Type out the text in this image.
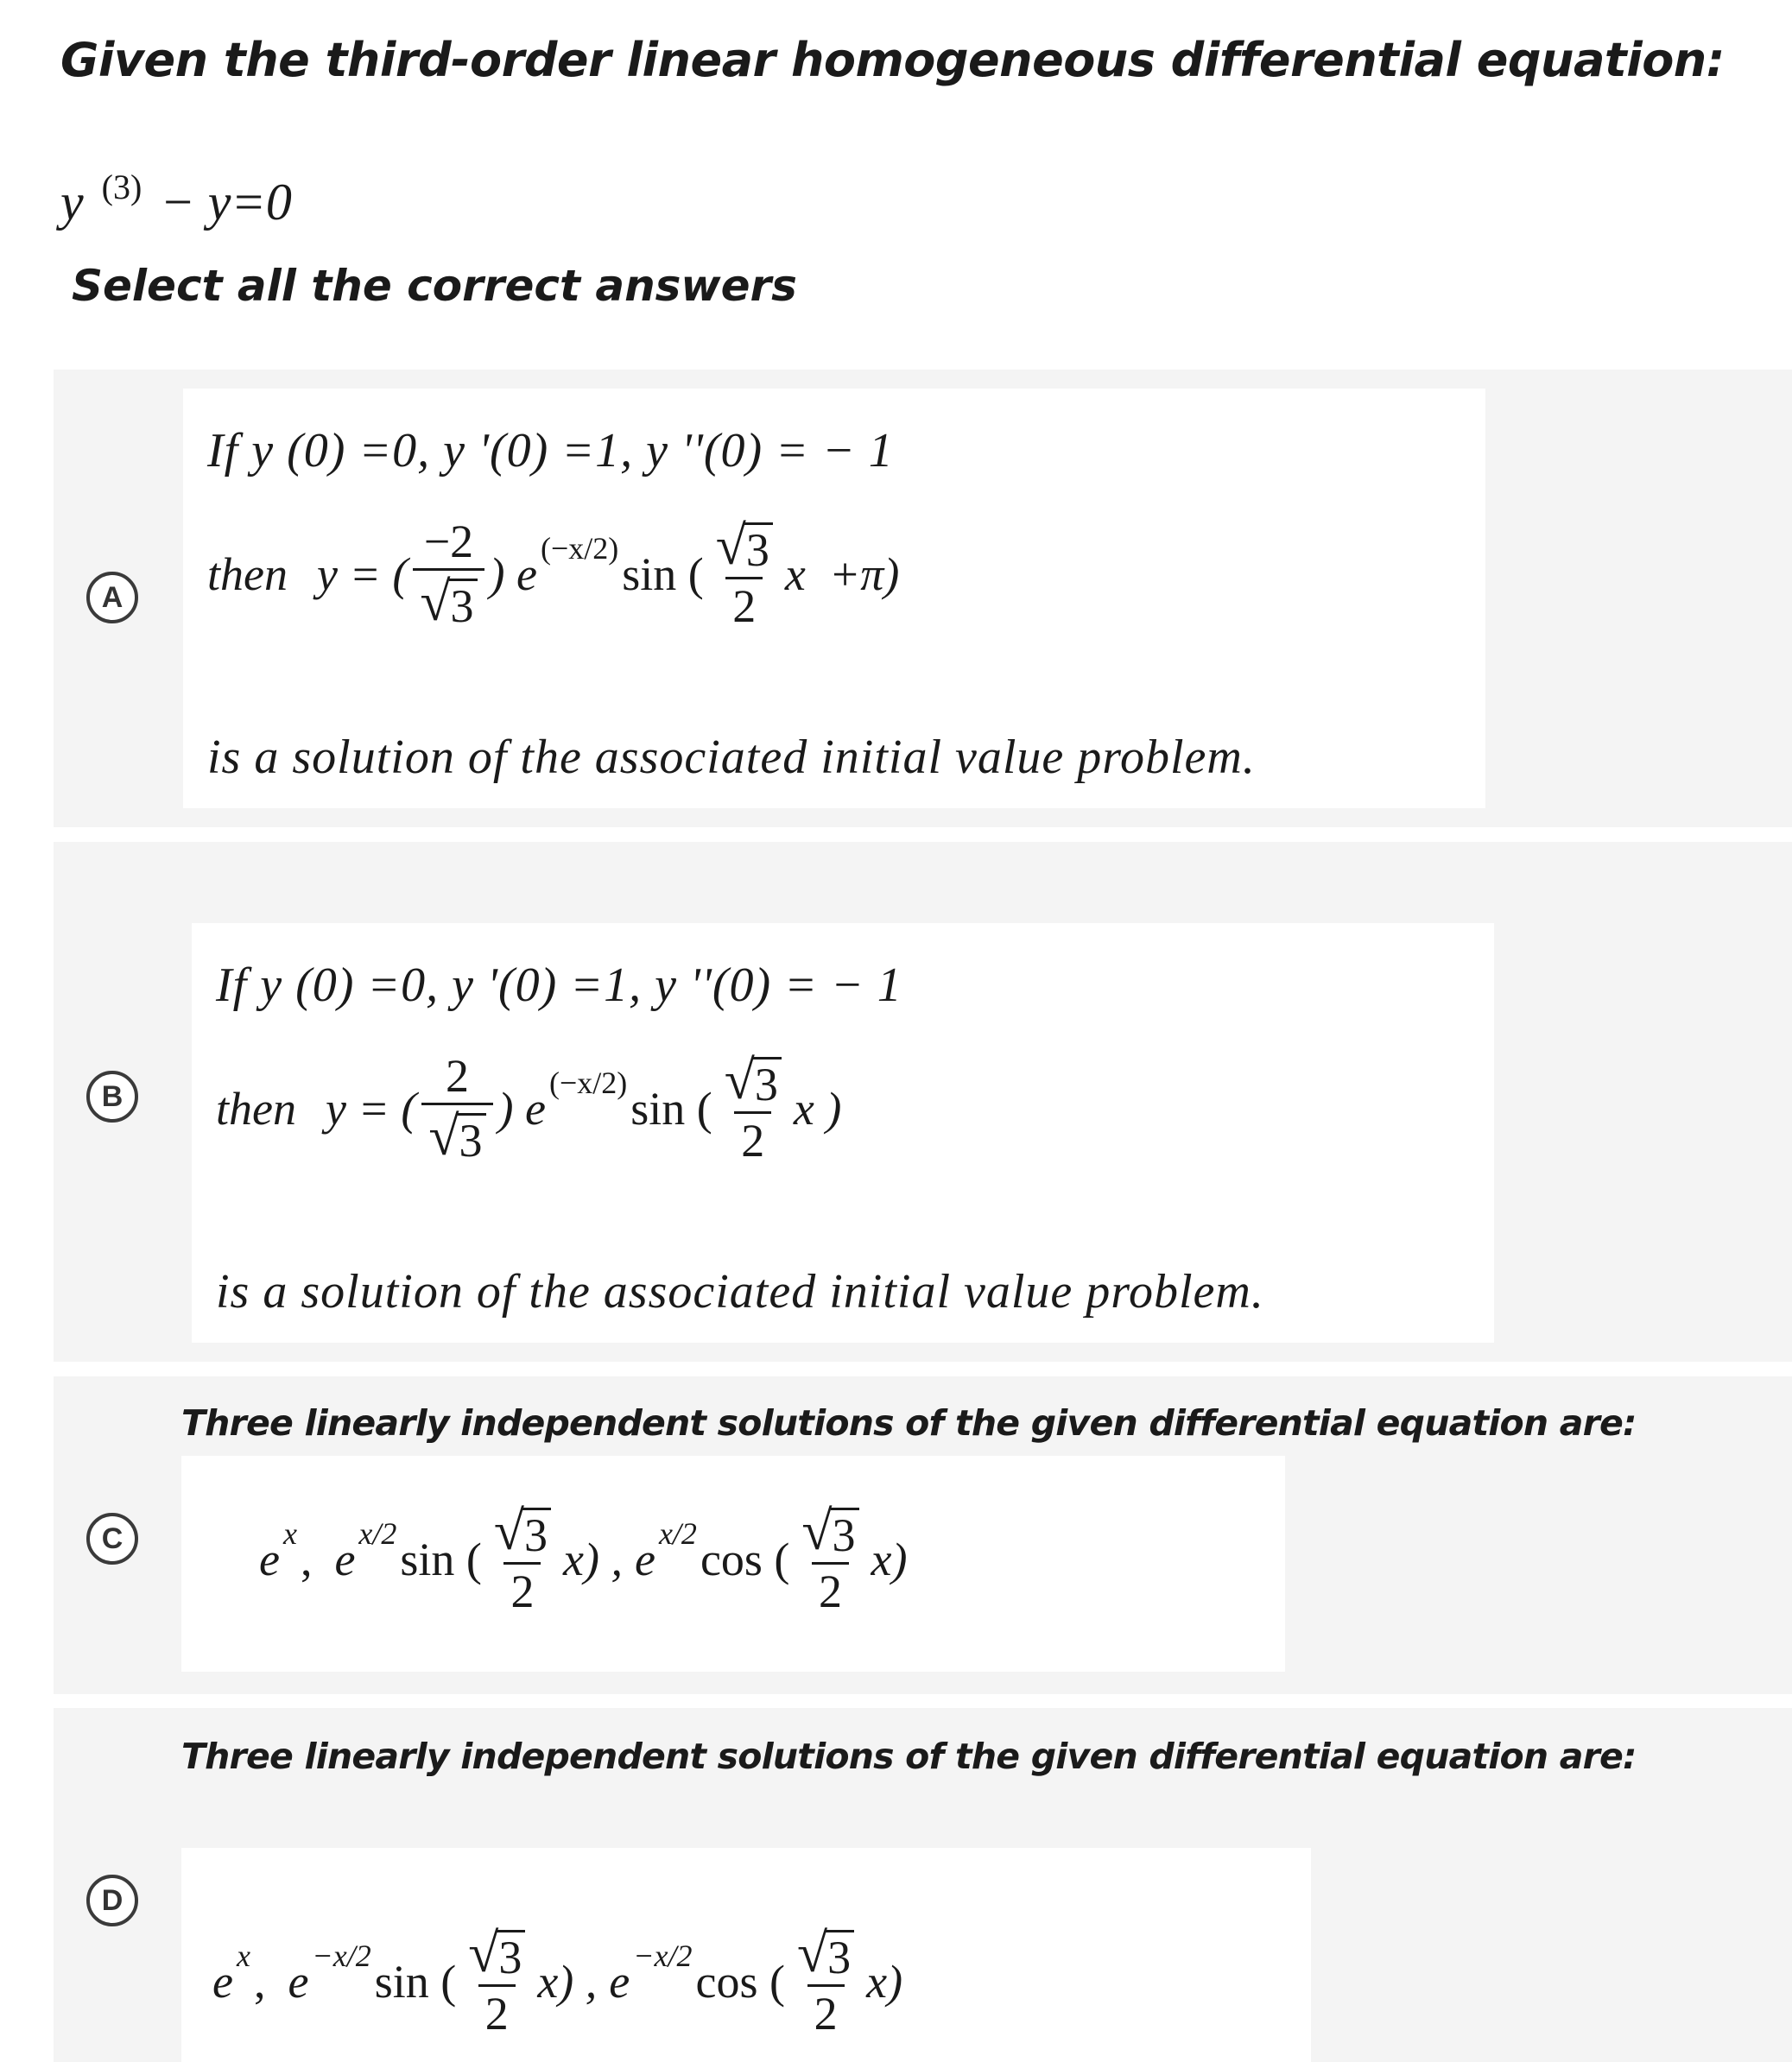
Given the third-order linear homogeneous differential equation:
y $^{(3)}$ − y=0

Select all the correct answers

A
If y (0) =0, y '(0) =1, y ''(0) = − 1
then y = ( $\frac{-2}{√ 3}$ ) e (−x/2) sin ( $\frac{√ 3}{2}$ x  +π)
is a solution of the associated initial value problem.
B
If y (0) =0, y '(0) =1, y ''(0) = − 1
then y = ( $\frac{2}{√ 3}$ ) e (−x/2) sin ( $\frac{√ 3}{2}$ x )
is a solution of the associated initial value problem.
C

Three linearly independent solutions of the given differential equation are:

e x , e x/2 sin ( $\frac{√ 3}{2} x$) , e x/2 cos ( $\frac{√ 3}{2} x$)
D

Three linearly independent solutions of the given differential equation are:

e x , e −x/2 sin ( $\frac{√ 3}{2} x$) , e −x/2 cos ( $\frac{√ 3}{2} x$)
